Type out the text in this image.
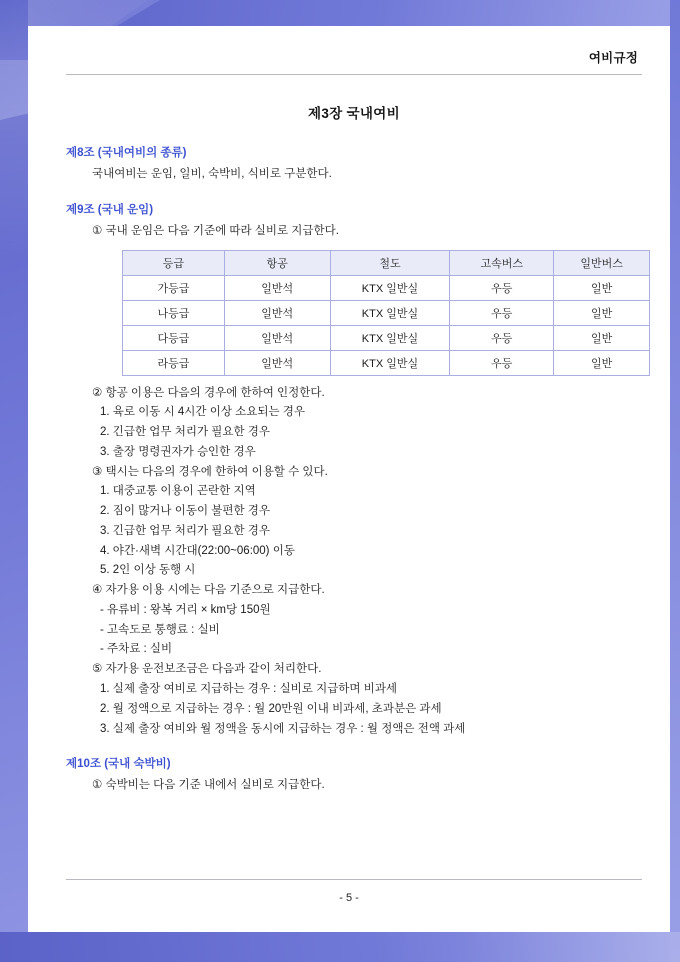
여비규정
제3장 국내여비
제8조 (국내여비의 종류)
국내여비는 운임, 일비, 숙박비, 식비로 구분한다.
제9조 (국내 운임)
① 국내 운임은 다음 기준에 따라 실비로 지급한다.
등급	항공	철도	고속버스	일반버스
가등급	일반석	KTX 일반실	우등	일반
나등급	일반석	KTX 일반실	우등	일반
다등급	일반석	KTX 일반실	우등	일반
라등급	일반석	KTX 일반실	우등	일반
② 항공 이용은 다음의 경우에 한하여 인정한다.
1. 육로 이동 시 4시간 이상 소요되는 경우
2. 긴급한 업무 처리가 필요한 경우
3. 출장 명령권자가 승인한 경우
③ 택시는 다음의 경우에 한하여 이용할 수 있다.
1. 대중교통 이용이 곤란한 지역
2. 짐이 많거나 이동이 불편한 경우
3. 긴급한 업무 처리가 필요한 경우
4. 야간·새벽 시간대(22:00~06:00) 이동
5. 2인 이상 동행 시
④ 자가용 이용 시에는 다음 기준으로 지급한다.
- 유류비 : 왕복 거리 × km당 150원
- 고속도로 통행료 : 실비
- 주차료 : 실비
⑤ 자가용 운전보조금은 다음과 같이 처리한다.
1. 실제 출장 여비로 지급하는 경우 : 실비로 지급하며 비과세
2. 월 정액으로 지급하는 경우 : 월 20만원 이내 비과세, 초과분은 과세
3. 실제 출장 여비와 월 정액을 동시에 지급하는 경우 : 월 정액은 전액 과세
제10조 (국내 숙박비)
① 숙박비는 다음 기준 내에서 실비로 지급한다.
- 5 -
